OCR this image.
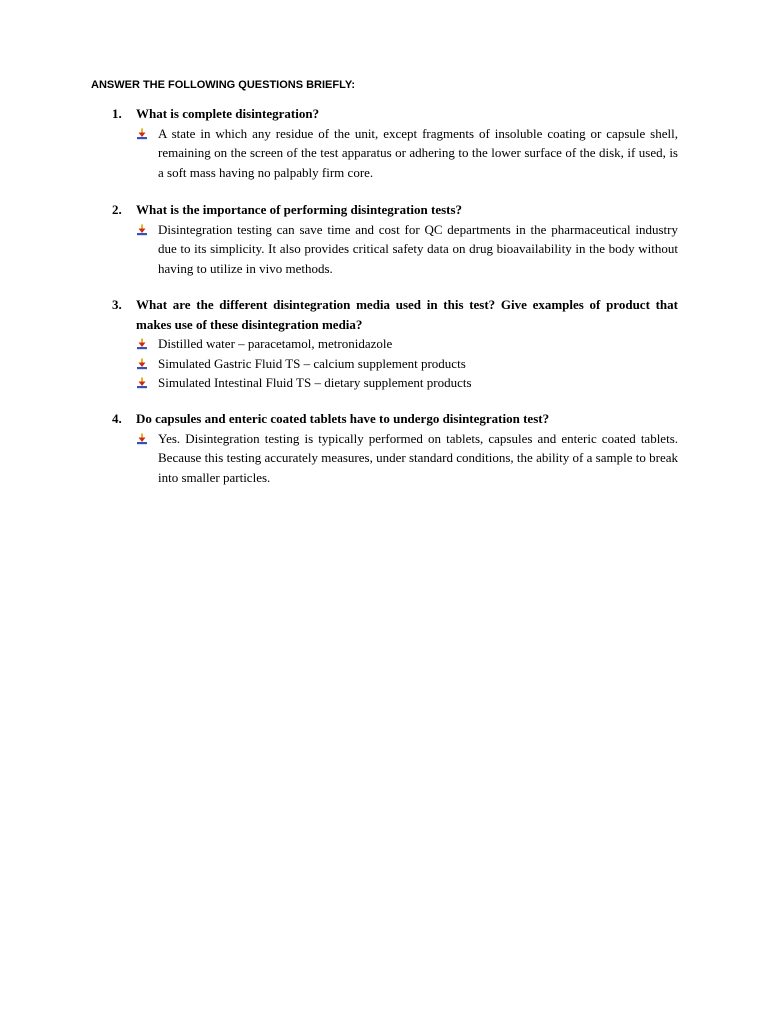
ANSWER THE FOLLOWING QUESTIONS BRIEFLY:
1. What is complete disintegration?
A state in which any residue of the unit, except fragments of insoluble coating or capsule shell, remaining on the screen of the test apparatus or adhering to the lower surface of the disk, if used, is a soft mass having no palpably firm core.
2. What is the importance of performing disintegration tests?
Disintegration testing can save time and cost for QC departments in the pharmaceutical industry due to its simplicity. It also provides critical safety data on drug bioavailability in the body without having to utilize in vivo methods.
3. What are the different disintegration media used in this test? Give examples of product that makes use of these disintegration media?
Distilled water – paracetamol, metronidazole
Simulated Gastric Fluid TS – calcium supplement products
Simulated Intestinal Fluid TS – dietary supplement products
4. Do capsules and enteric coated tablets have to undergo disintegration test?
Yes. Disintegration testing is typically performed on tablets, capsules and enteric coated tablets. Because this testing accurately measures, under standard conditions, the ability of a sample to break into smaller particles.
